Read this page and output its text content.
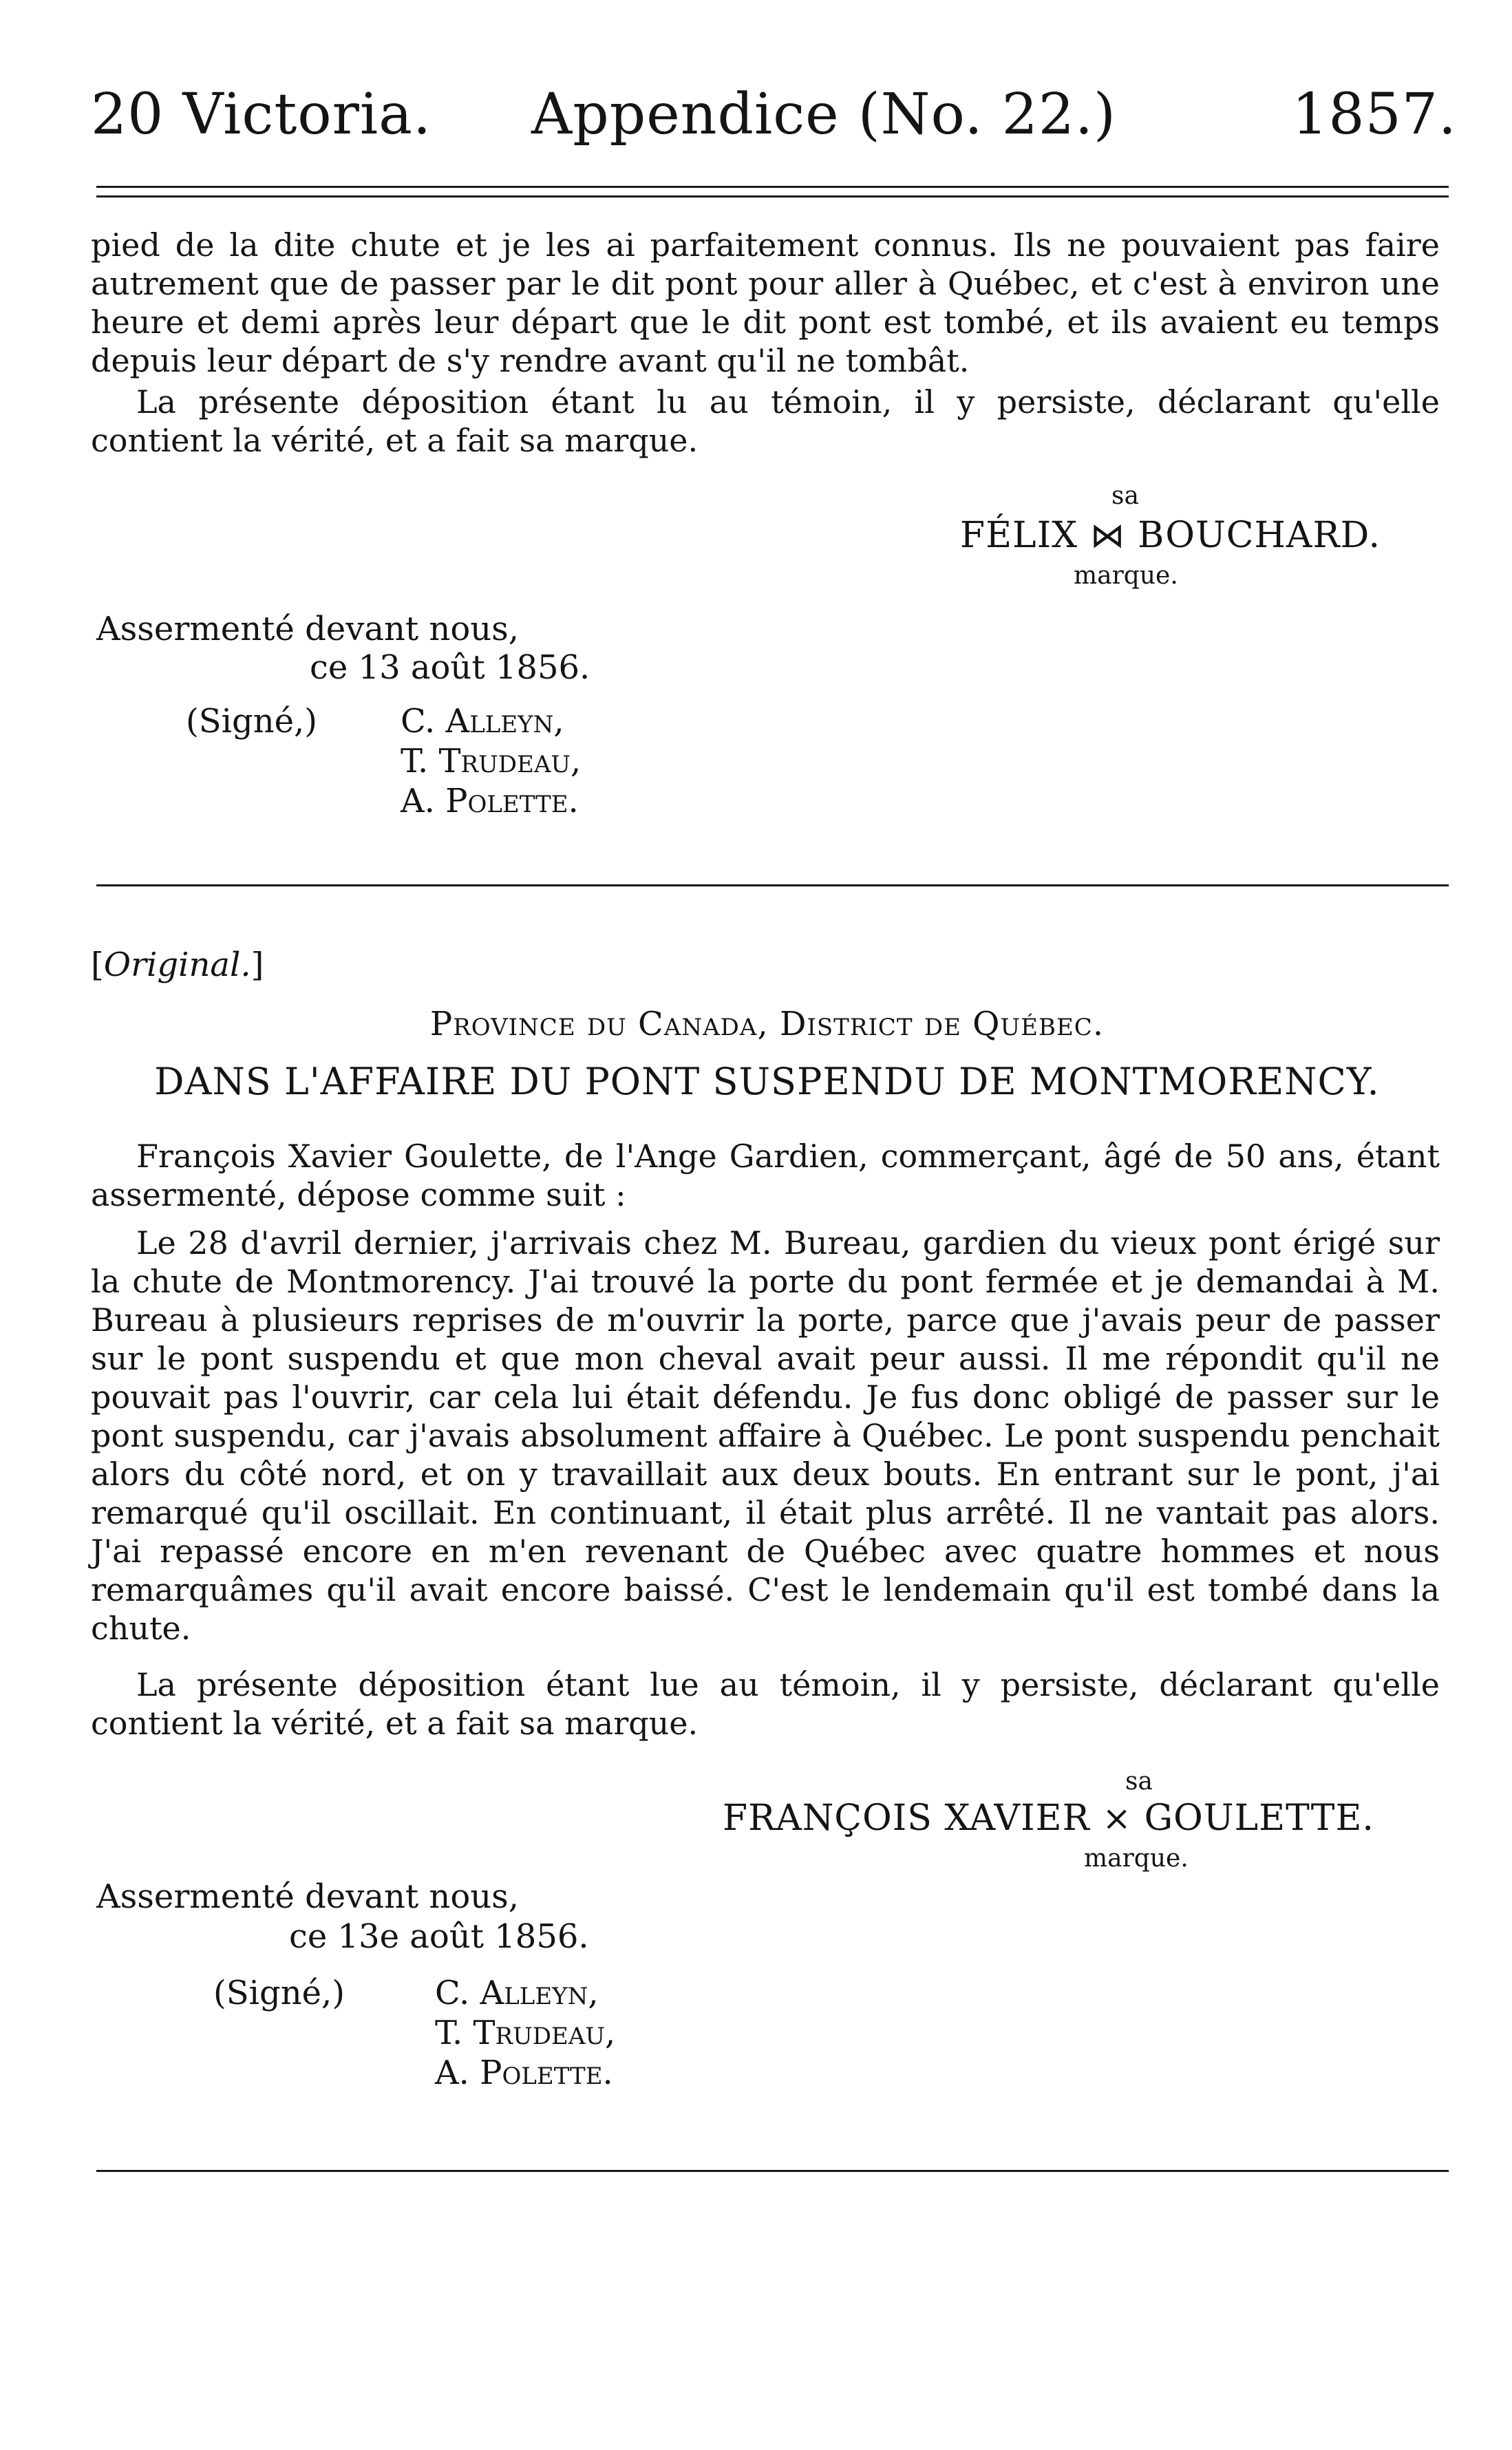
20 Victoria. Appendice (No. 22.)	1857.
pied de la dite chute et je les ai parfaitement connus. Ils ne pouvaient pas faire autrement que de passer par le dit pont pour aller à Québec, et c'est à environ une heure et demi après leur départ que le dit pont est tombé, et ils avaient eu temps depuis leur départ de s'y rendre avant qu'il ne tombât.
La présente déposition étant lu au témoin, il y persiste, déclarant qu'elle contient la vérité, et a fait sa marque.
sa
FÉLIX ⋈ BOUCHARD.
marque.
Assermenté devant nous,
ce 13 août 1856.
(Signé,)	C. Alleyn,
T. Trudeau,
A. Polette.
[Original.]
Province du Canada, District de Québec.
DANS L'AFFAIRE DU PONT SUSPENDU DE MONTMORENCY.
François Xavier Goulette, de l'Ange Gardien, commerçant, âgé de 50 ans, étant assermenté, dépose comme suit :
Le 28 d'avril dernier, j'arrivais chez M. Bureau, gardien du vieux pont érigé sur la chute de Montmorency. J'ai trouvé la porte du pont fermée et je demandai à M. Bureau à plusieurs reprises de m'ouvrir la porte, parce que j'avais peur de passer sur le pont suspendu et que mon cheval avait peur aussi. Il me répondit qu'il ne pouvait pas l'ouvrir, car cela lui était défendu. Je fus donc obligé de passer sur le pont suspendu, car j'avais absolument affaire à Québec. Le pont suspendu penchait alors du côté nord, et on y travaillait aux deux bouts. En entrant sur le pont, j'ai remarqué qu'il oscillait. En continuant, il était plus arrêté. Il ne vantait pas alors. J'ai repassé encore en m'en revenant de Québec avec quatre hommes et nous remarquâmes qu'il avait encore baissé. C'est le lendemain qu'il est tombé dans la chute.
La présente déposition étant lue au témoin, il y persiste, déclarant qu'elle contient la vérité, et a fait sa marque.
sa
FRANÇOIS XAVIER × GOULETTE.
marque.
Assermenté devant nous,
ce 13e août 1856.
(Signé,)	C. Alleyn,
T. Trudeau,
A. Polette.
